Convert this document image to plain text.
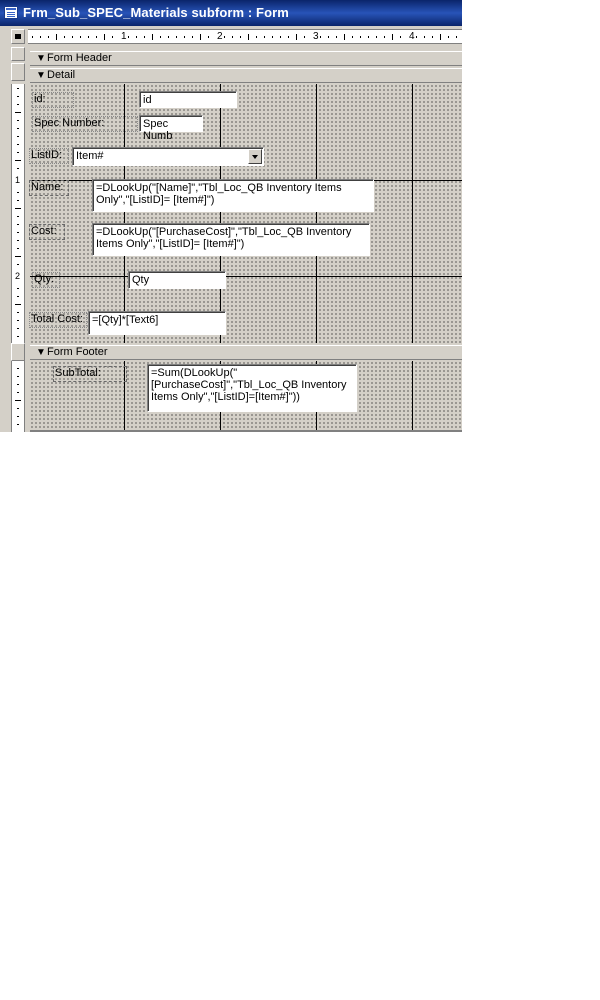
Frm_Sub_SPEC_Materials subform : Form
1	2	3	4
1
2
▼ Form Header
▼ Detail
id:	id
Spec Number:	Spec Numb
ListID:	Item#
Name:	=DLookUp("[Name]","Tbl_Loc_QB Inventory Items Only","[ListID]= [Item#]")
Cost:	=DLookUp("[PurchaseCost]","Tbl_Loc_QB Inventory Items Only","[ListID]= [Item#]")
Qty:	Qty
Total Cost: =[Qty]*[Text6]
▼ Form Footer
SubTotal:	=Sum(DLookUp("[PurchaseCost]","Tbl_Loc_QB Inventory Items Only","[ListID]=[Item#]"))
